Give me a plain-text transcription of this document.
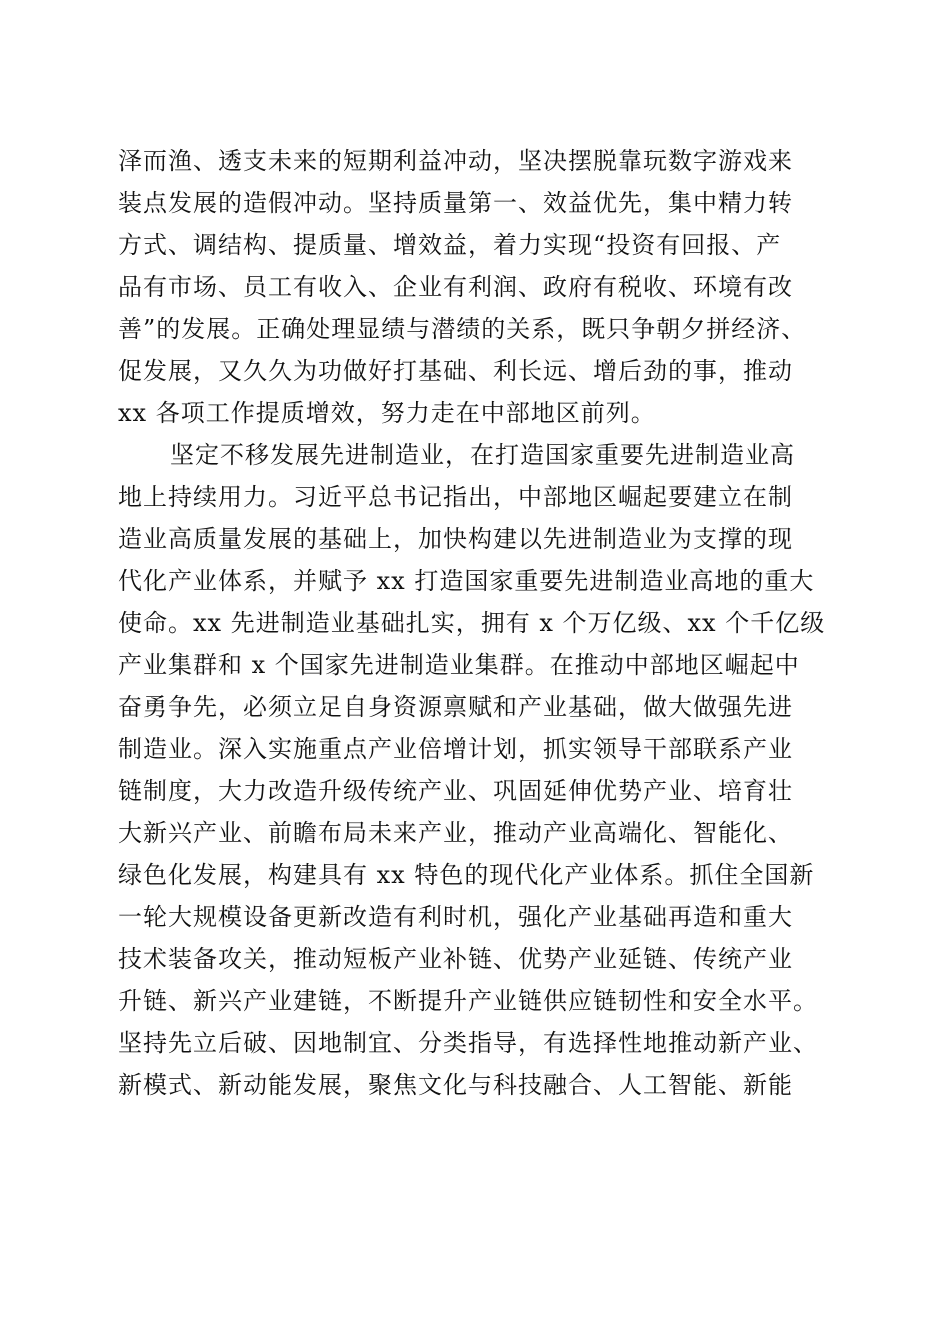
泽而渔、透支未来的短期利益冲动，坚决摆脱靠玩数字游戏来
装点发展的造假冲动。坚持质量第一、效益优先，集中精力转
方式、调结构、提质量、增效益，着力实现“投资有回报、产
品有市场、员工有收入、企业有利润、政府有税收、环境有改
善”的发展。正确处理显绩与潜绩的关系，既只争朝夕拼经济、
促发展，又久久为功做好打基础、利长远、增后劲的事，推动
xx 各项工作提质增效，努力走在中部地区前列。
坚定不移发展先进制造业，在打造国家重要先进制造业高
地上持续用力。习近平总书记指出，中部地区崛起要建立在制
造业高质量发展的基础上，加快构建以先进制造业为支撑的现
代化产业体系，并赋予 xx 打造国家重要先进制造业高地的重大
使命。xx 先进制造业基础扎实，拥有 x 个万亿级、xx 个千亿级
产业集群和 x 个国家先进制造业集群。在推动中部地区崛起中
奋勇争先，必须立足自身资源禀赋和产业基础，做大做强先进
制造业。深入实施重点产业倍增计划，抓实领导干部联系产业
链制度，大力改造升级传统产业、巩固延伸优势产业、培育壮
大新兴产业、前瞻布局未来产业，推动产业高端化、智能化、
绿色化发展，构建具有 xx 特色的现代化产业体系。抓住全国新
一轮大规模设备更新改造有利时机，强化产业基础再造和重大
技术装备攻关，推动短板产业补链、优势产业延链、传统产业
升链、新兴产业建链，不断提升产业链供应链韧性和安全水平。
坚持先立后破、因地制宜、分类指导，有选择性地推动新产业、
新模式、新动能发展，聚焦文化与科技融合、人工智能、新能
